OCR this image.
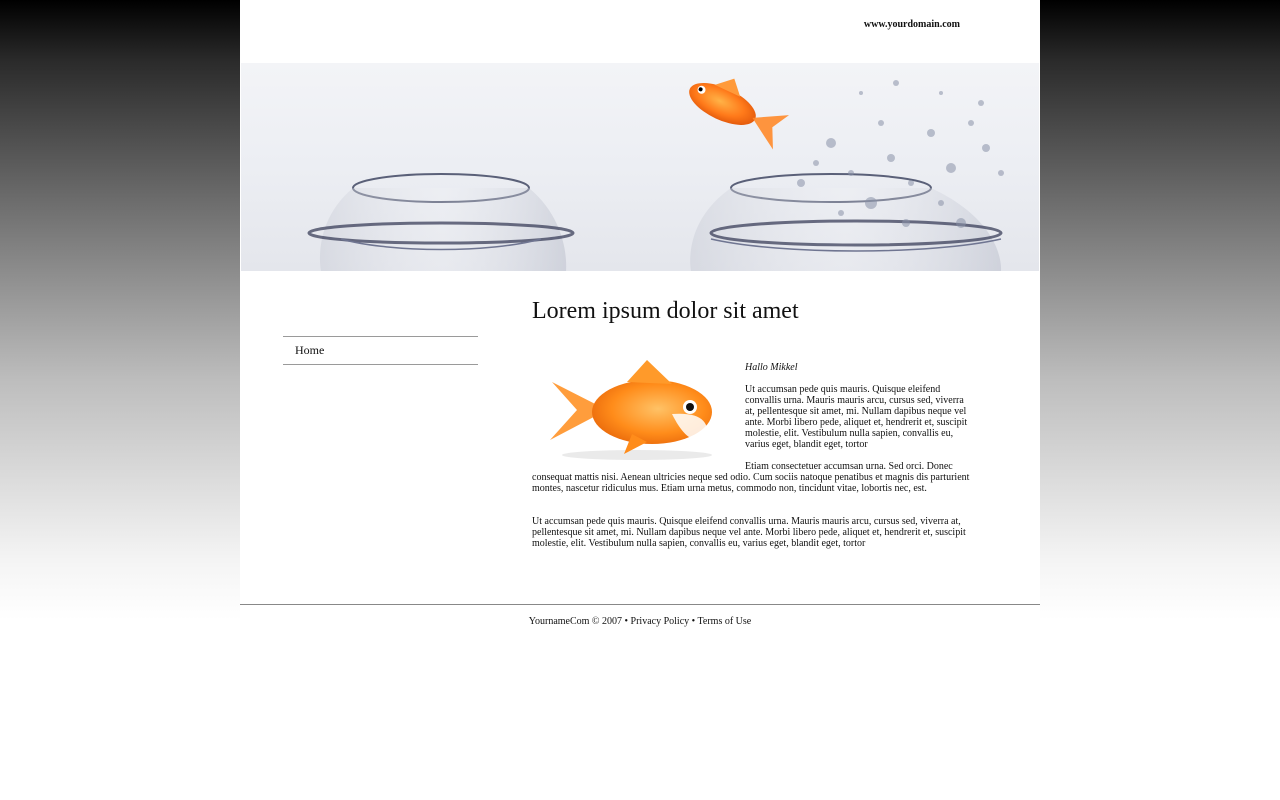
www.yourdomain.com
Home
Lorem ipsum dolor sit amet
Hallo Mikkel

Ut accumsan pede quis mauris. Quisque eleifend convallis urna. Mauris mauris arcu, cursus sed, viverra at, pellentesque sit amet, mi. Nullam dapibus neque vel ante. Morbi libero pede, aliquet et, hendrerit et, suscipit molestie, elit. Vestibulum nulla sapien, convallis eu, varius eget, blandit eget, tortor

Etiam consectetuer accumsan urna. Sed orci. Donec consequat mattis nisi. Aenean ultricies neque sed odio. Cum sociis natoque penatibus et magnis dis parturient montes, nascetur ridiculus mus. Etiam urna metus, commodo non, tincidunt vitae, lobortis nec, est.

Ut accumsan pede quis mauris. Quisque eleifend convallis urna. Mauris mauris arcu, cursus sed, viverra at, pellentesque sit amet, mi. Nullam dapibus neque vel ante. Morbi libero pede, aliquet et, hendrerit et, suscipit molestie, elit. Vestibulum nulla sapien, convallis eu, varius eget, blandit eget, tortor

YournameCom © 2007 • Privacy Policy • Terms of Use
